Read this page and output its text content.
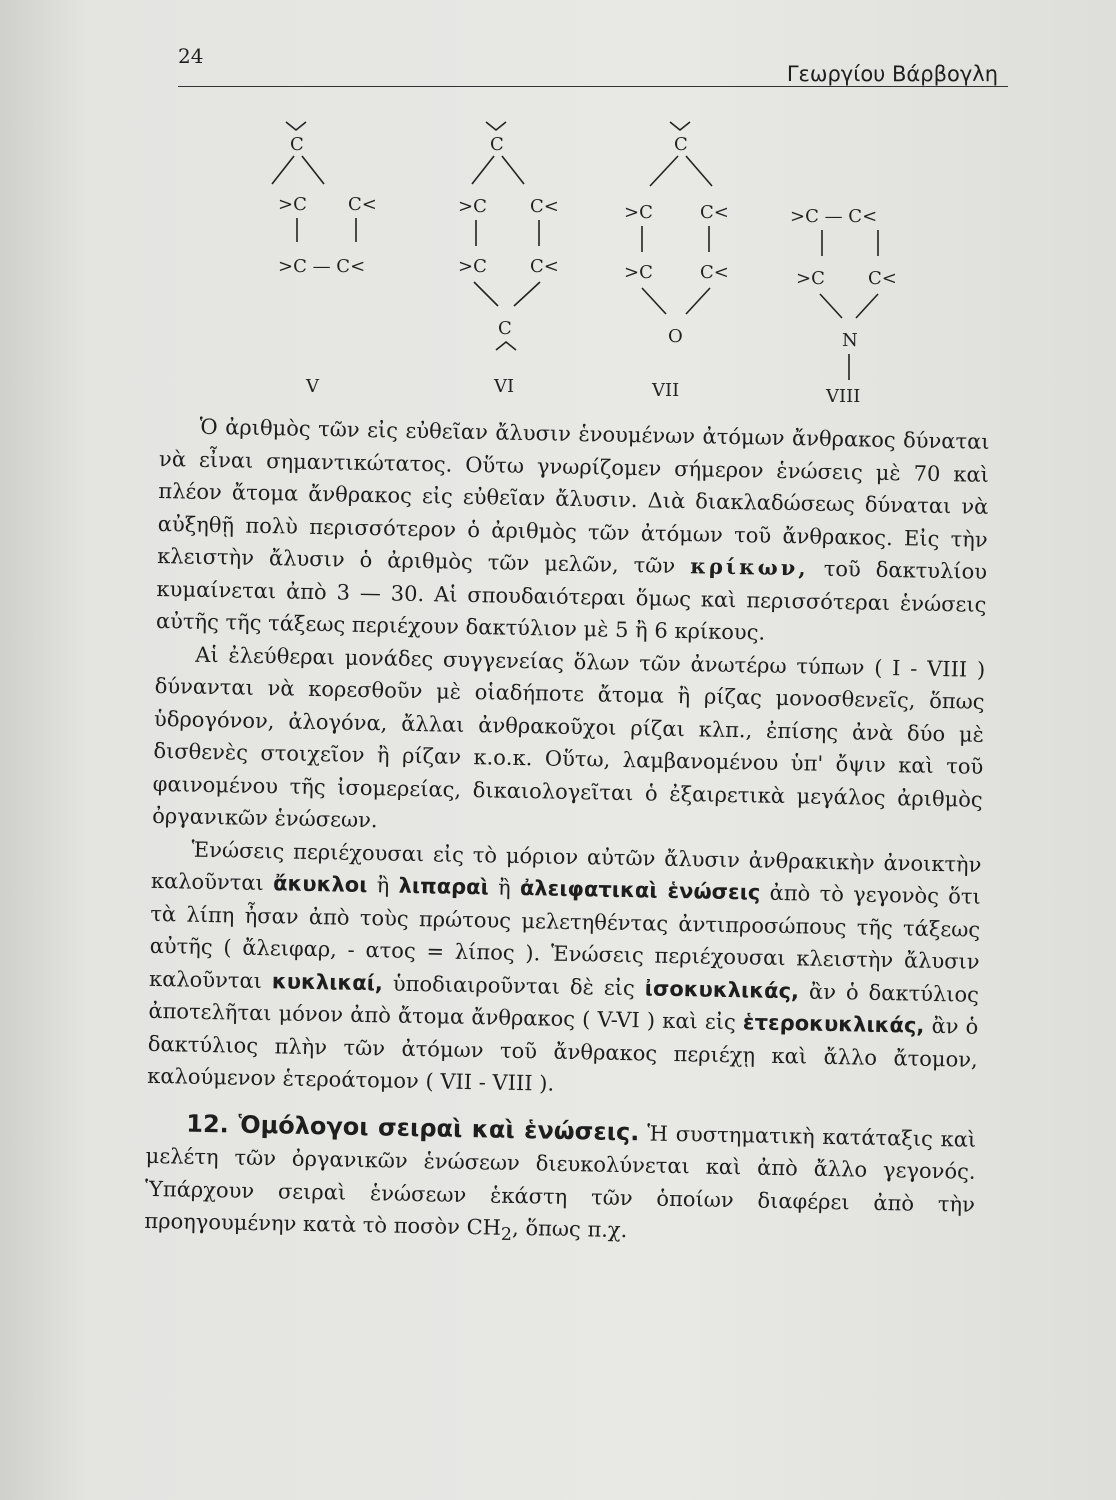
24
Γεωργίου Βάρβογλη
C
>C C<
>C — C<
V
C
>C C<
>C C<
C
VI
C
>C	C<
>C	C<
O
VII
>C — C<
>C C<
N
VIII

Ὁ ἀριθμὸς τῶν εἰς εὐθεῖαν ἄλυσιν ἑνουμένων ἀτόμων ἄνθρακος δύναται νὰ εἶναι σημαντικώτατος. Οὕτω γνωρίζομεν σήμερον ἑνώσεις μὲ 70 καὶ πλέον ἄτομα ἄνθρακος εἰς εὐθεῖαν ἄλυσιν. Διὰ διακλαδώσεως δύναται νὰ αὐξηθῇ πολὺ περισσότερον ὁ ἀριθμὸς τῶν ἀτόμων τοῦ ἄνθρακος. Εἰς τὴν κλειστὴν ἄλυσιν ὁ ἀριθμὸς τῶν μελῶν, τῶν κρίκων, τοῦ δακτυλίου κυμαίνεται ἀπὸ 3 — 30. Αἱ σπουδαιότεραι ὅμως καὶ περισσότεραι ἑνώσεις αὐτῆς τῆς τάξεως περιέχουν δακτύλιον μὲ 5 ἢ 6 κρίκους.

Αἱ ἐλεύθεραι μονάδες συγγενείας ὅλων τῶν ἀνωτέρω τύπων ( I - VIII ) δύνανται νὰ κορεσθοῦν μὲ οἱαδήποτε ἄτομα ἢ ρίζας μονοσθενεῖς, ὅπως ὑδρογόνον, ἀλογόνα, ἄλλαι ἀνθρακοῦχοι ρίζαι κλπ., ἐπίσης ἀνὰ δύο μὲ δισθενὲς στοιχεῖον ἢ ρίζαν κ.ο.κ. Οὕτω, λαμβανομένου ὑπ' ὄψιν καὶ τοῦ φαινομένου τῆς ἰσομερείας, δικαιολογεῖται ὁ ἐξαιρετικὰ μεγάλος ἀριθμὸς ὀργανικῶν ἑνώσεων.

Ἑνώσεις περιέχουσαι εἰς τὸ μόριον αὐτῶν ἄλυσιν ἀνθρακικὴν ἀνοικτὴν καλοῦνται ἄκυκλοι ἢ λιπαραὶ ἢ ἀλειφατικαὶ ἑνώσεις ἀπὸ τὸ γεγονὸς ὅτι τὰ λίπη ἦσαν ἀπὸ τοὺς πρώτους μελετηθέντας ἀντιπροσώπους τῆς τάξεως αὐτῆς ( ἄλειφαρ, - ατος = λίπος ). Ἑνώσεις περιέχουσαι κλειστὴν ἄλυσιν καλοῦνται κυκλικαί, ὑποδιαιροῦνται δὲ εἰς ἰσοκυκλικάς, ἂν ὁ δακτύλιος ἀποτελῆται μόνον ἀπὸ ἄτομα ἄνθρακος ( V-VI ) καὶ εἰς ἑτεροκυκλικάς, ἂν ὁ δακτύλιος πλὴν τῶν ἀτόμων τοῦ ἄνθρακος περιέχῃ καὶ ἄλλο ἄτομον, καλούμενον ἑτεροάτομον ( VII - VIII ).

12. Ὁμόλογοι σειραὶ καὶ ἑνώσεις. Ἡ συστηματικὴ κατάταξις καὶ μελέτη τῶν ὀργανικῶν ἑνώσεων διευκολύνεται καὶ ἀπὸ ἄλλο γεγονός. Ὑπάρχουν σειραὶ ἑνώσεων ἑκάστη τῶν ὁποίων διαφέρει ἀπὸ τὴν προηγουμένην κατὰ τὸ ποσὸν $CH_2$, ὅπως π.χ.
